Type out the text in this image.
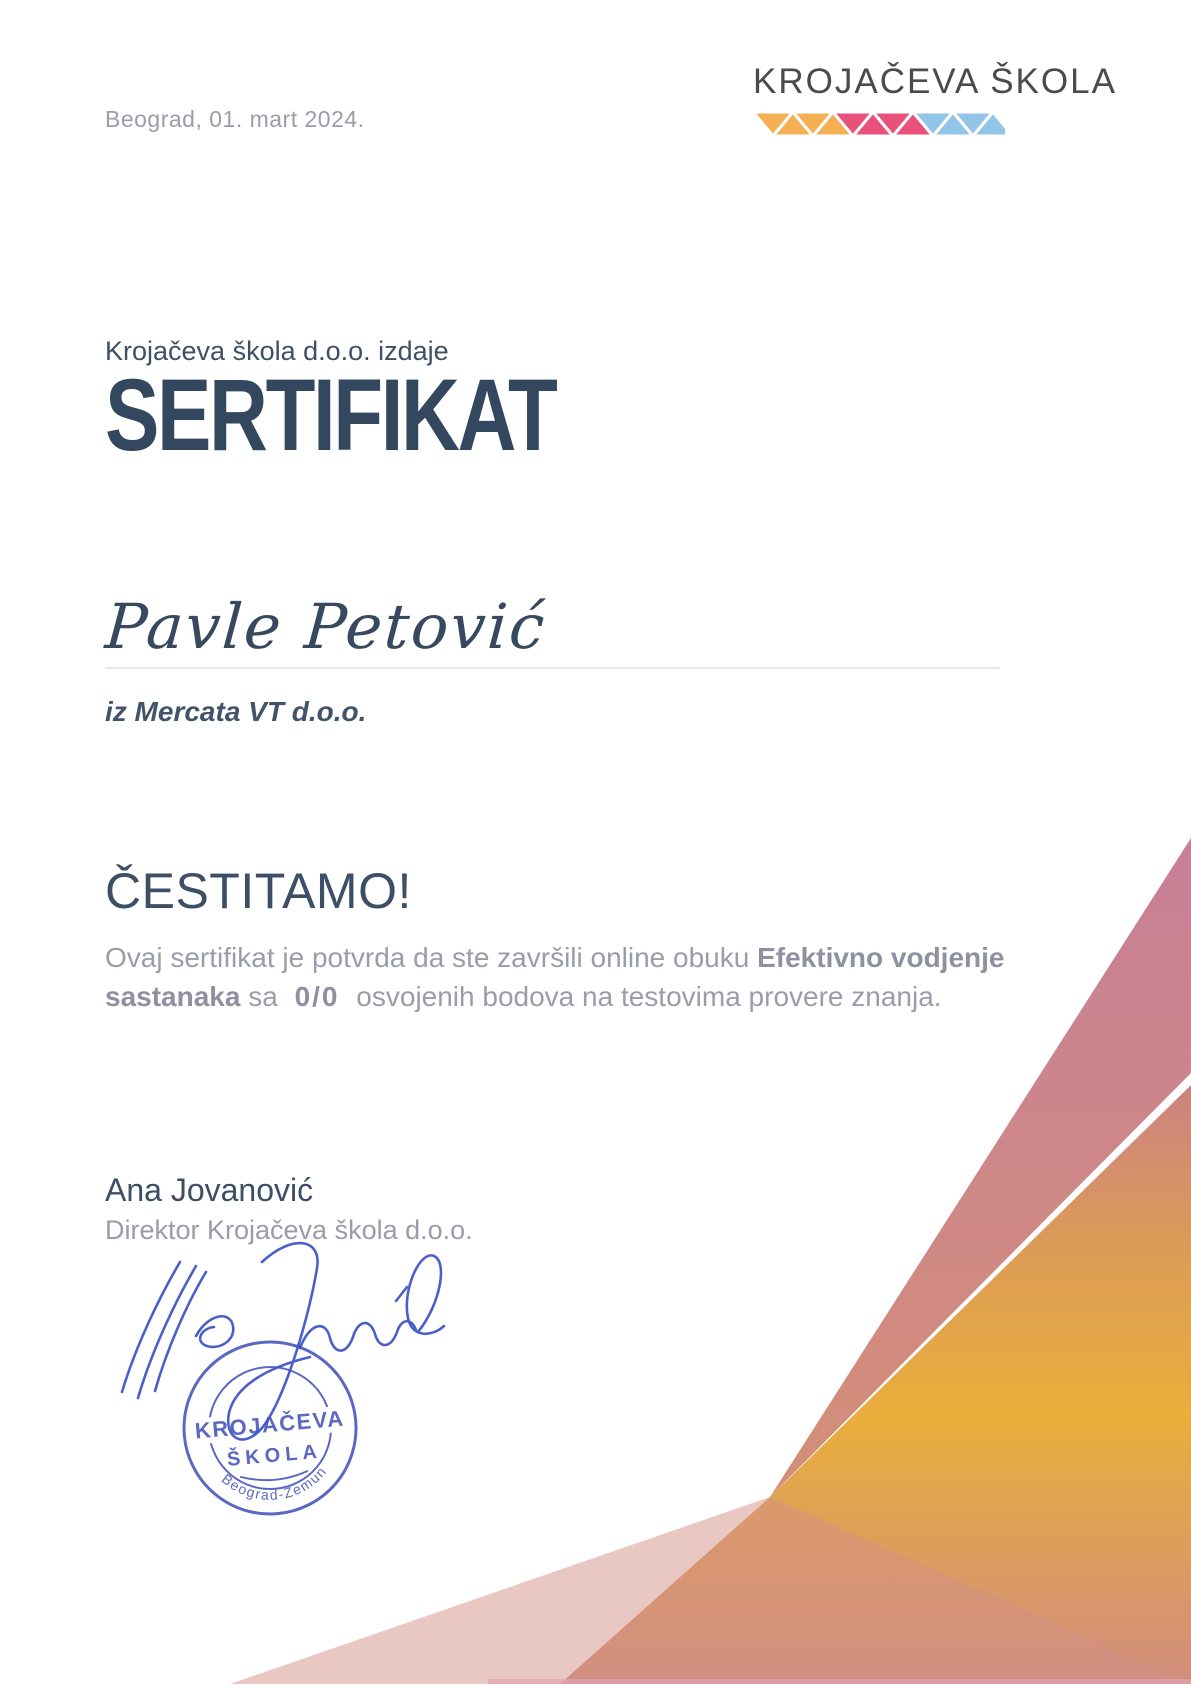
Beograd, 01. mart 2024.
KROJAČEVA ŠKOLA
Krojačeva škola d.o.o. izdaje
SERTIFIKAT
Pavle Petović
iz Mercata VT d.o.o.
ČESTITAMO!
Ovaj sertifikat je potvrda da ste završili online obuku Efektivno vodjenje
sastanaka sa 0/0 osvojenih bodova na testovima provere znanja.
Ana Jovanović
Direktor Krojačeva škola d.o.o.
KROJAČEVA
ŠKOLA
Beograd-Zemun
